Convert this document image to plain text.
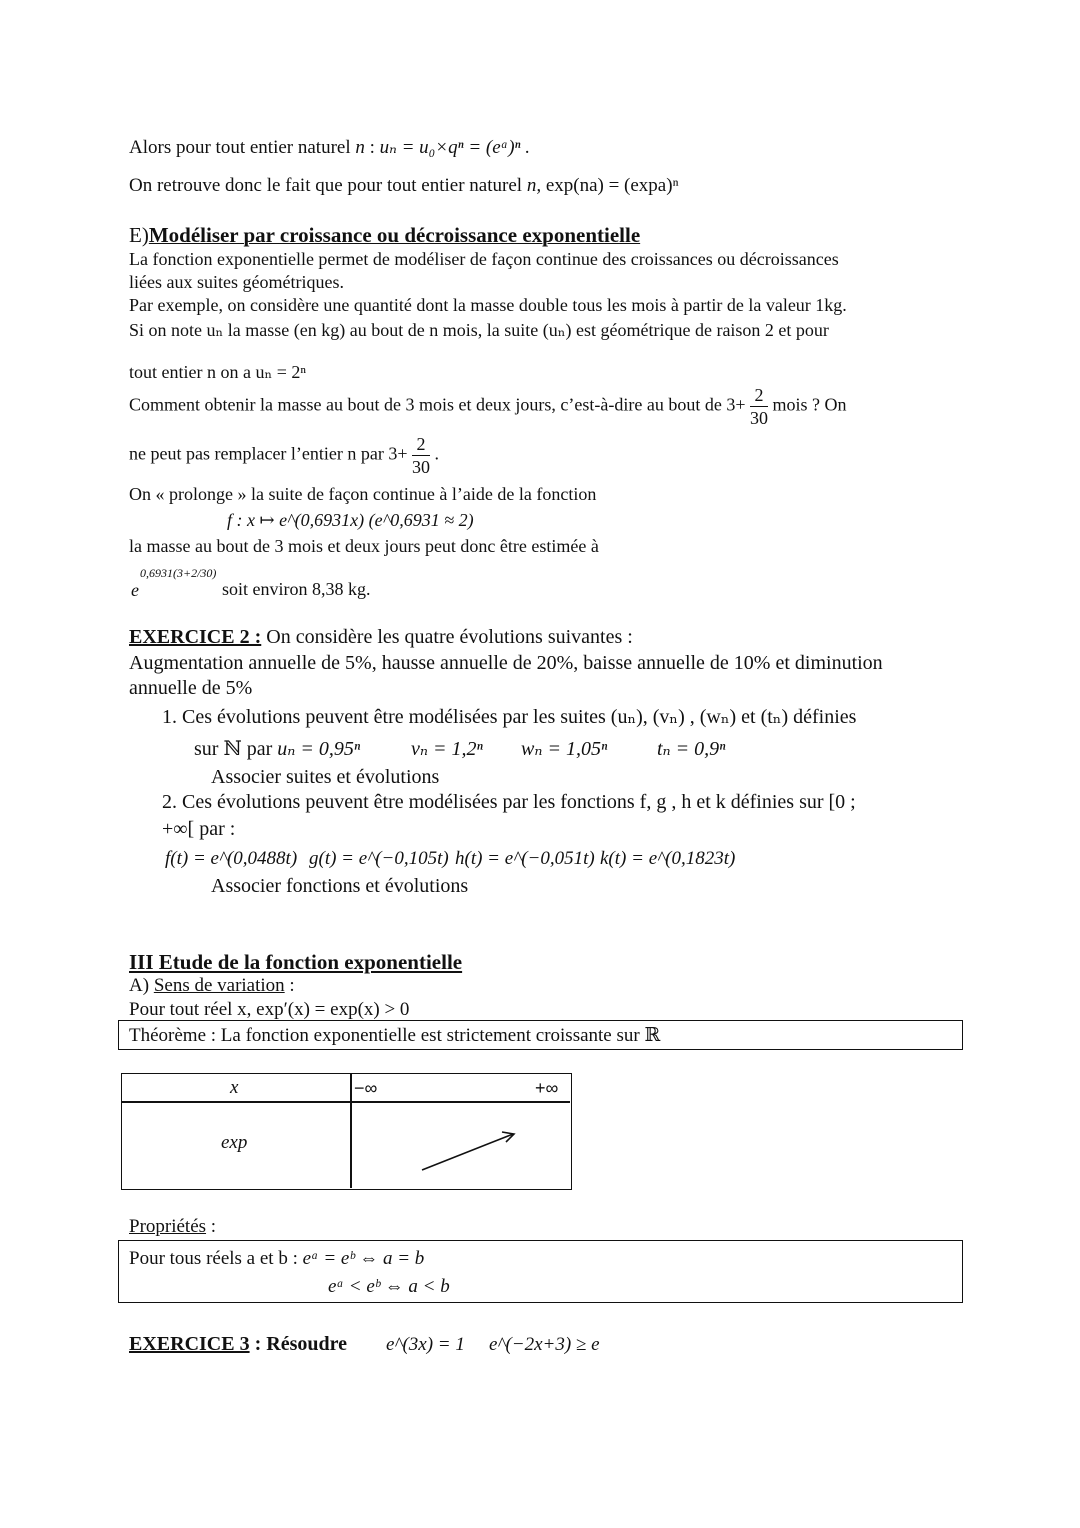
Alors pour tout entier naturel n : uₙ = u₀×qⁿ = (eᵃ)ⁿ .
On retrouve donc le fait que pour tout entier naturel n, exp(na) = (expa)ⁿ
E)Modéliser par croissance ou décroissance exponentielle
La fonction exponentielle permet de modéliser de façon continue des croissances ou décroissances
liées aux suites géométriques.
Par exemple, on considère une quantité dont la masse double tous les mois à partir de la valeur 1kg.
Si on note uₙ la masse (en kg) au bout de n mois, la suite (uₙ) est géométrique de raison 2 et pour
tout entier n on a uₙ = 2ⁿ
Comment obtenir la masse au bout de 3 mois et deux jours, c’est-à-dire au bout de $3+ \frac{2}{30}$ mois ? On
ne peut pas remplacer l’entier n par $3+ \frac{2}{30}$ .
On « prolonge » la suite de façon continue à l’aide de la fonction
f : x ↦ e^(0,6931x) (e^0,6931 ≈ 2)
la masse au bout de 3 mois et deux jours peut donc être estimée à
0,6931(3+2/30)
e	soit environ 8,38 kg.
EXERCICE 2 : On considère les quatre évolutions suivantes :
Augmentation annuelle de 5%, hausse annuelle de 20%, baisse annuelle de 10% et diminution
annuelle de 5%
1. Ces évolutions peuvent être modélisées par les suites (uₙ), (vₙ) , (wₙ) et (tₙ) définies
sur ℕ par uₙ = 0,95ⁿ	vₙ = 1,2ⁿ wₙ = 1,05ⁿ tₙ = 0,9ⁿ
Associer suites et évolutions
2. Ces évolutions peuvent être modélisées par les fonctions f, g , h et k définies sur [0 ;
+∞[ par :
f(t) = e^(0,0488t) g(t) = e^(−0,105t) h(t) = e^(−0,051t) k(t) = e^(0,1823t)
Associer fonctions et évolutions
III Etude de la fonction exponentielle
A) Sens de variation :
Pour tout réel x, exp′(x) = exp(x) > 0
Théorème : La fonction exponentielle est strictement croissante sur ℝ
x	−∞	+∞
exp
Propriétés :
Pour tous réels a et b : eᵃ = eᵇ ⇔ a = b
eᵃ < eᵇ ⇔ a < b
EXERCICE 3 : Résoudre e^(3x) = 1 e^(−2x+3) ≥ e
